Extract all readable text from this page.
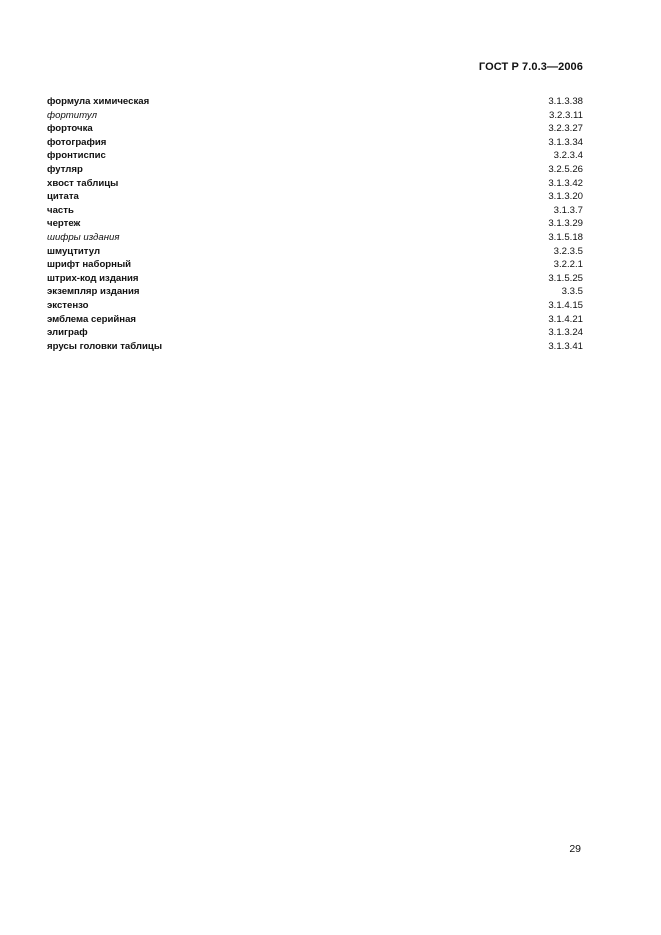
ГОСТ Р 7.0.3—2006
формула химическая	3.1.3.38
фортитул	3.2.3.11
форточка	3.2.3.27
фотография	3.1.3.34
фронтиспис	3.2.3.4
футляр	3.2.5.26
хвост таблицы	3.1.3.42
цитата	3.1.3.20
часть	3.1.3.7
чертеж	3.1.3.29
шифры издания	3.1.5.18
шмуцтитул	3.2.3.5
шрифт наборный	3.2.2.1
штрих-код издания	3.1.5.25
экземпляр издания	3.3.5
экстензо	3.1.4.15
эмблема серийная	3.1.4.21
элиграф	3.1.3.24
ярусы головки таблицы	3.1.3.41
29
